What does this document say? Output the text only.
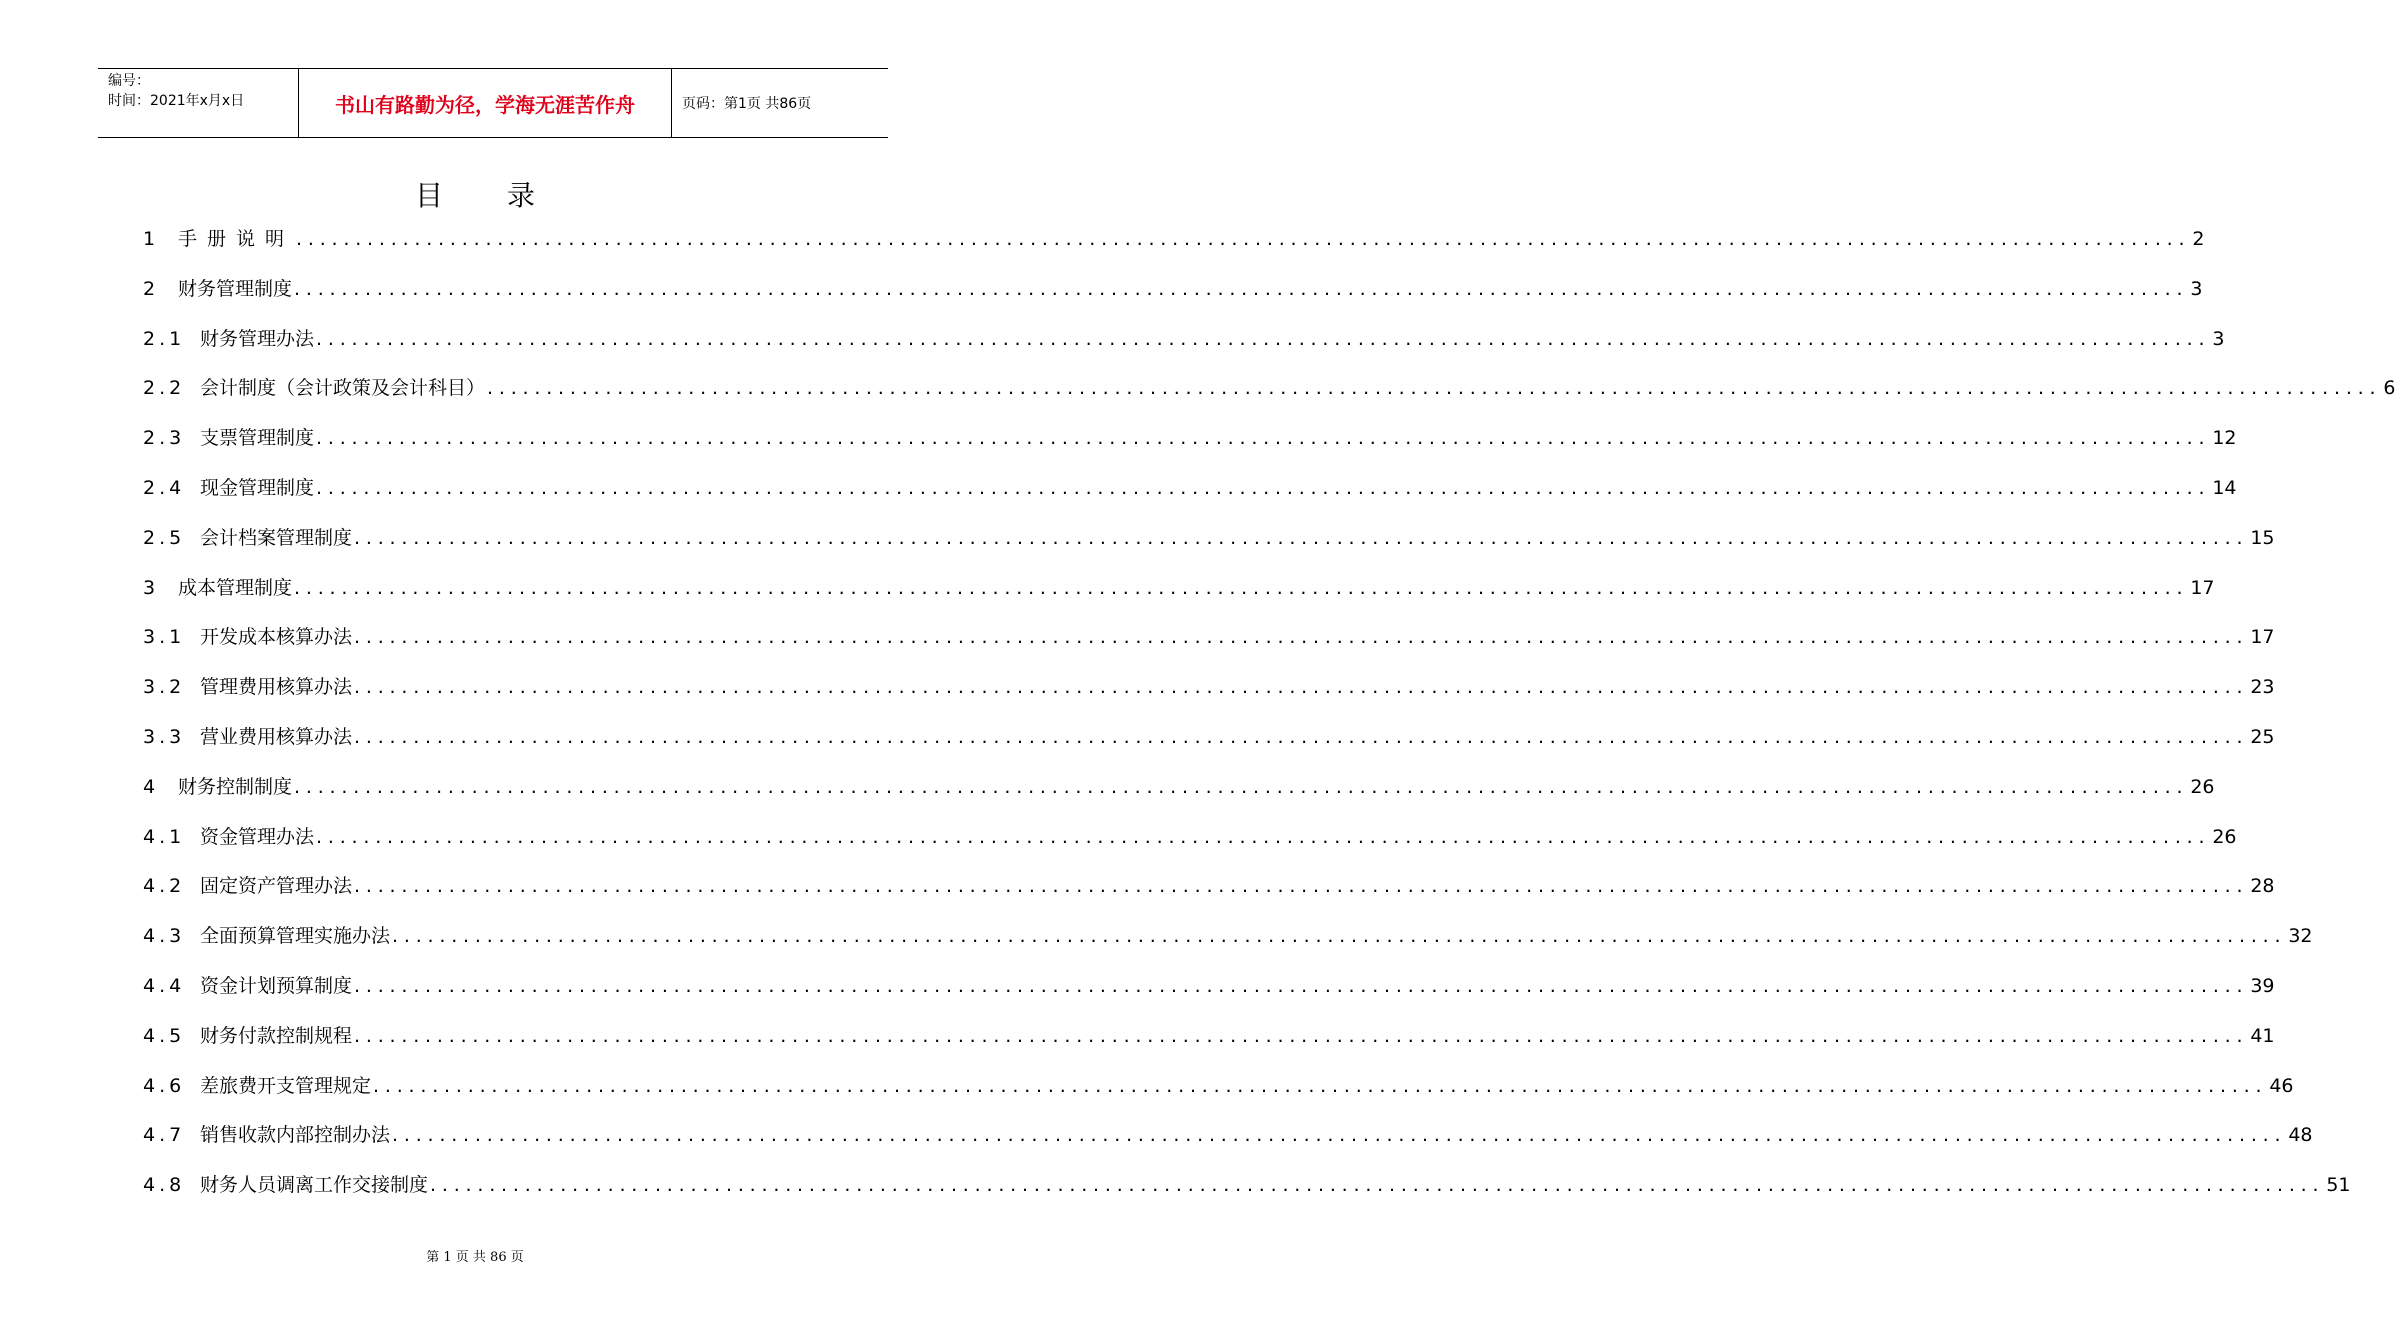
编号：
时间：2021年x月x日	书山有路勤为径，学海无涯苦作舟	页码：第1页 共86页
目录
1 手册说明 ................................................................................................................................................................ 2
2 财务管理制度 ................................................................................................................................................................ 3
2.1 财务管理办法 ................................................................................................................................................................ 3
2.2 会计制度（会计政策及会计科目） ................................................................................................................................................................ 6
2.3 支票管理制度 ................................................................................................................................................................ 12
2.4 现金管理制度 ................................................................................................................................................................ 14
2.5 会计档案管理制度 ................................................................................................................................................................ 15
3 成本管理制度 ................................................................................................................................................................ 17
3.1 开发成本核算办法 ................................................................................................................................................................ 17
3.2 管理费用核算办法 ................................................................................................................................................................ 23
3.3 营业费用核算办法 ................................................................................................................................................................ 25
4 财务控制制度 ................................................................................................................................................................ 26
4.1 资金管理办法 ................................................................................................................................................................ 26
4.2 固定资产管理办法 ................................................................................................................................................................ 28
4.3 全面预算管理实施办法 ................................................................................................................................................................ 32
4.4 资金计划预算制度 ................................................................................................................................................................ 39
4.5 财务付款控制规程 ................................................................................................................................................................ 41
4.6 差旅费开支管理规定 ................................................................................................................................................................ 46
4.7 销售收款内部控制办法 ................................................................................................................................................................ 48
4.8 财务人员调离工作交接制度 ................................................................................................................................................................ 51
第 1 页 共 86 页
